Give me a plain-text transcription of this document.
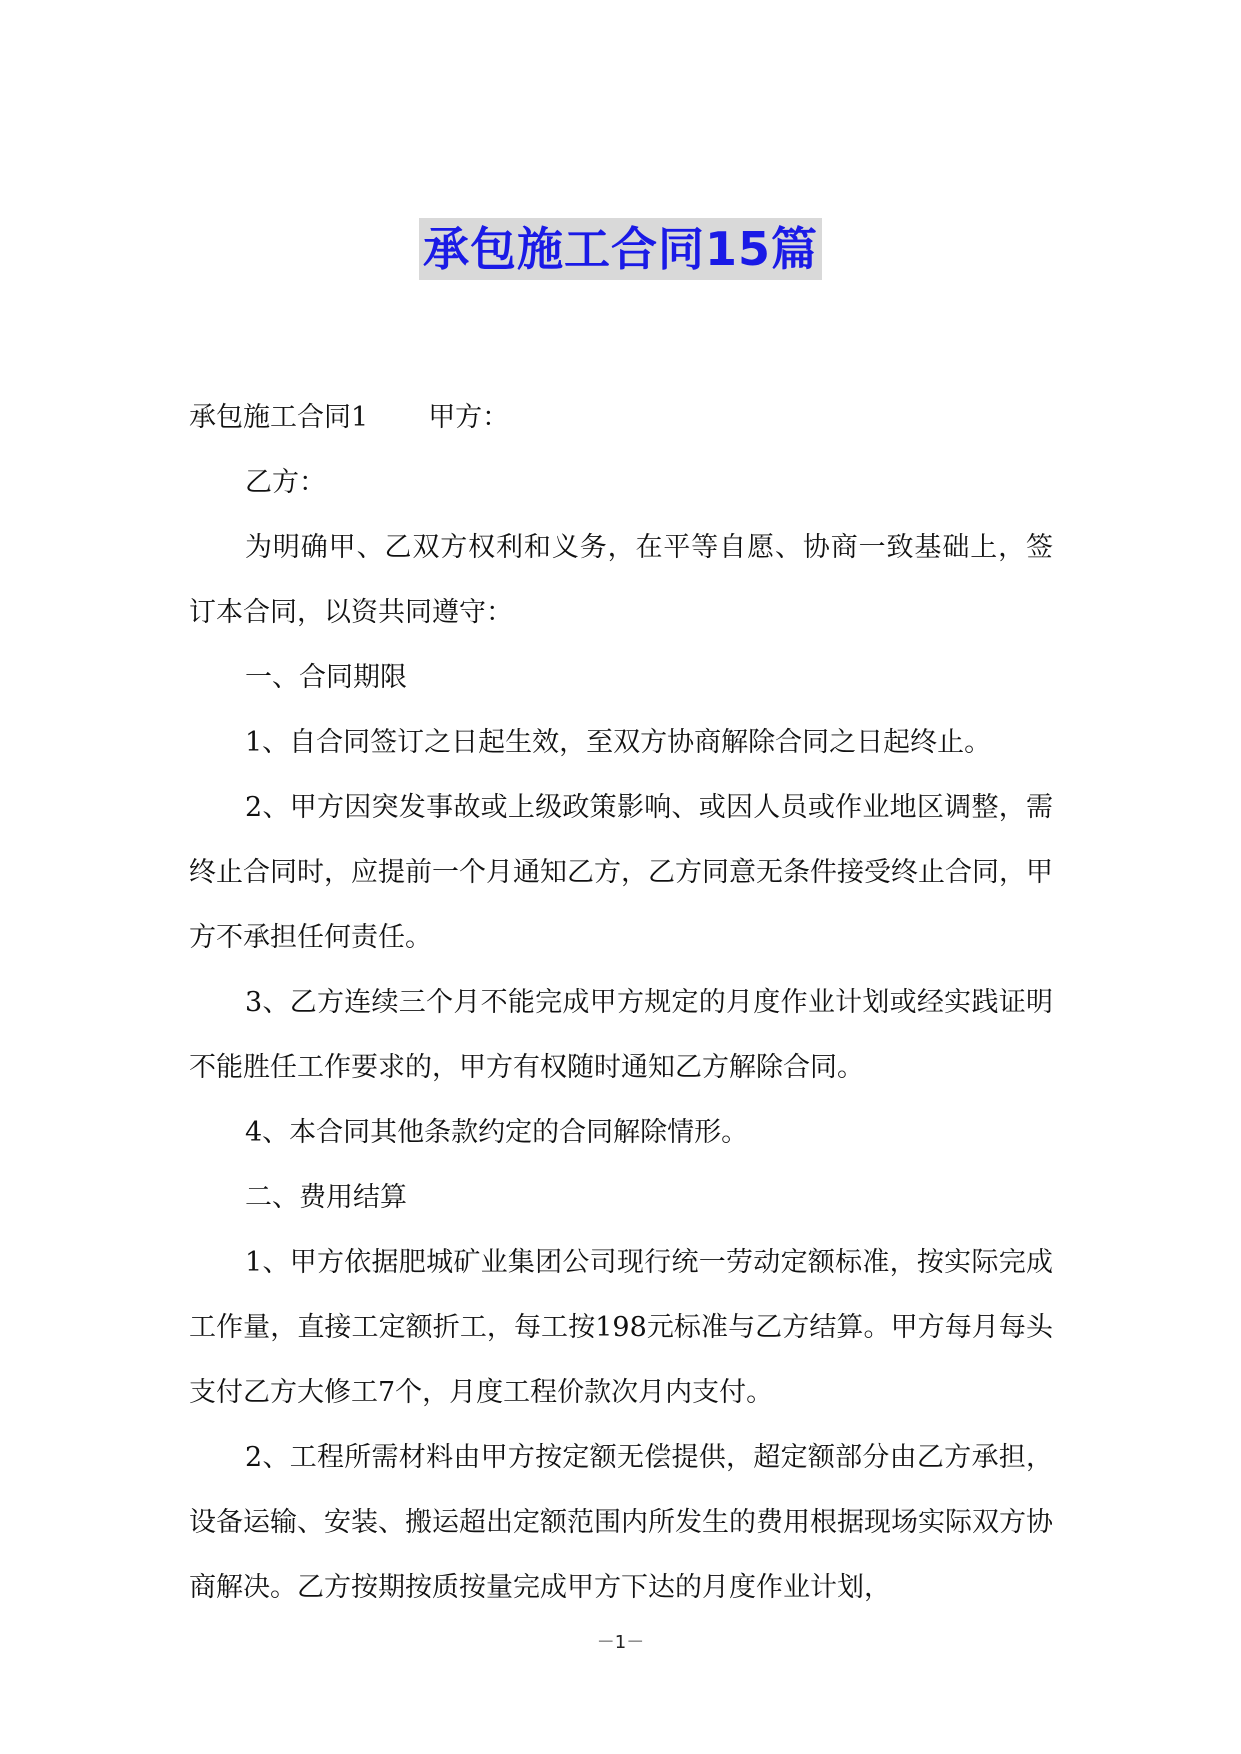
承包施工合同15篇

承包施工合同1 甲方：

乙方：

为明确甲、乙双方权利和义务，在平等自愿、协商一致基础上，签订本合同，以资共同遵守：

一、合同期限

1、自合同签订之日起生效，至双方协商解除合同之日起终止。

2、甲方因突发事故或上级政策影响、或因人员或作业地区调整，需终止合同时，应提前一个月通知乙方，乙方同意无条件接受终止合同，甲方不承担任何责任。

3、乙方连续三个月不能完成甲方规定的月度作业计划或经实践证明不能胜任工作要求的，甲方有权随时通知乙方解除合同。

4、本合同其他条款约定的合同解除情形。

二、费用结算

1、甲方依据肥城矿业集团公司现行统一劳动定额标准，按实际完成工作量，直接工定额折工，每工按198元标准与乙方结算。甲方每月每头支付乙方大修工7个，月度工程价款次月内支付。

2、工程所需材料由甲方按定额无偿提供，超定额部分由乙方承担，设备运输、安装、搬运超出定额范围内所发生的费用根据现场实际双方协商解决。乙方按期按质按量完成甲方下达的月度作业计划，

－1－
